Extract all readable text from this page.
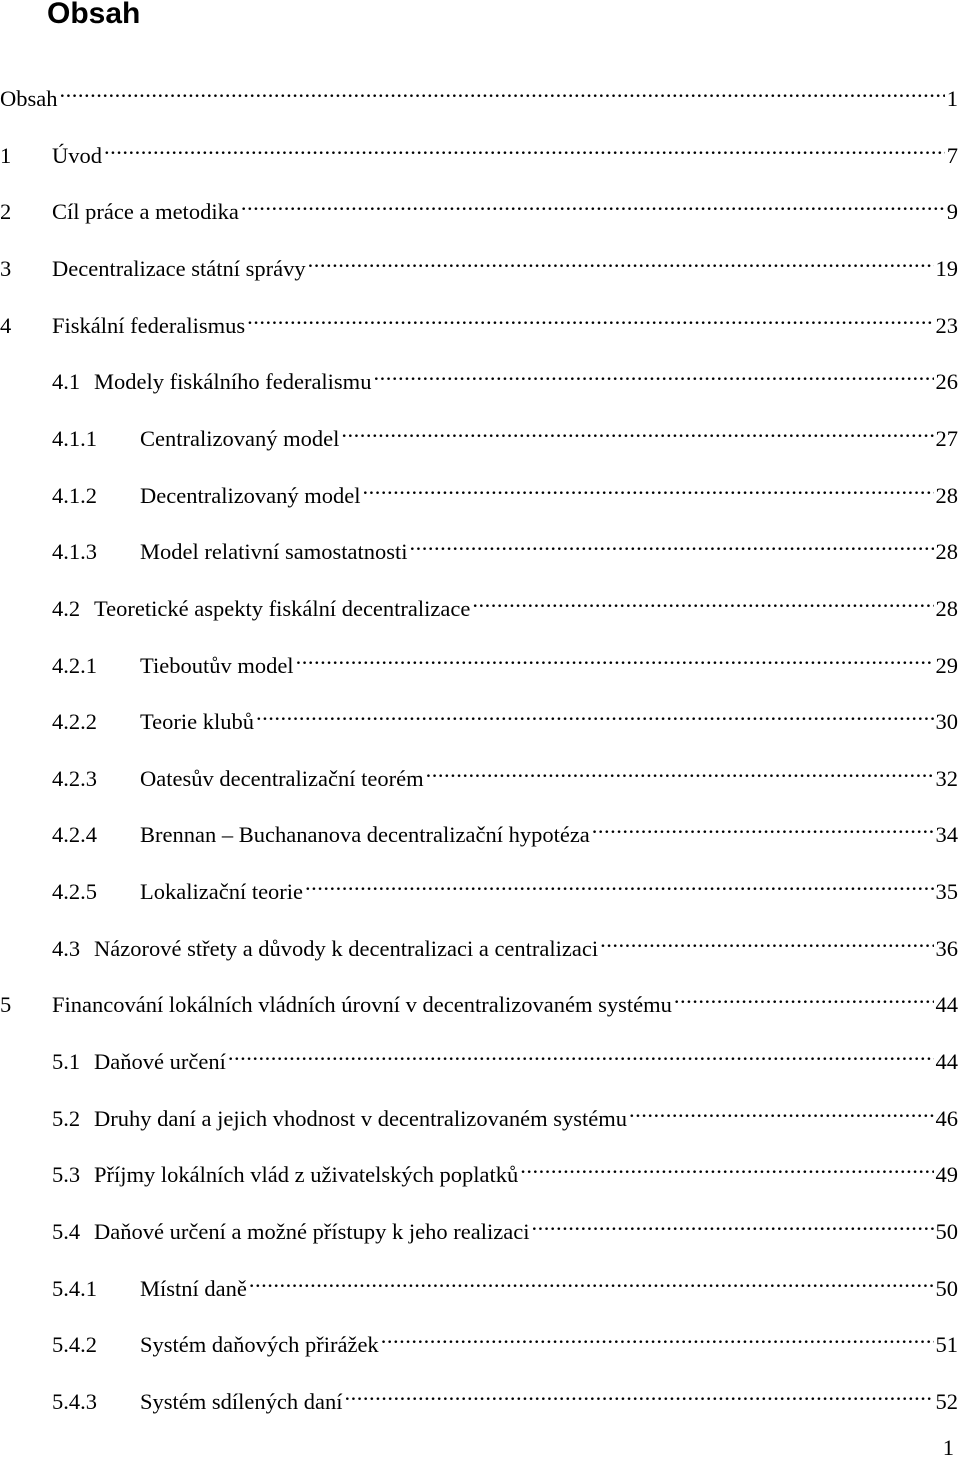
Obsah
Obsah .....	1
1	Úvod .....	7
2	Cíl práce a metodika .....	9
3	Decentralizace státní správy .....	19
4	Fiskální federalismus .....	23
4.1 Modely fiskálního federalismu .....	26
4.1.1	Centralizovaný model .....	27
4.1.2	Decentralizovaný model .....	28
4.1.3	Model relativní samostatnosti .....	28
4.2 Teoretické aspekty fiskální decentralizace .....	28
4.2.1	Tieboutův model .....	29
4.2.2	Teorie klubů .....	30
4.2.3	Oatesův decentralizační teorém .....	32
4.2.4	Brennan – Buchananova decentralizační hypotéza .....	34
4.2.5	Lokalizační teorie .....	35
4.3 Názorové střety a důvody k decentralizaci a centralizaci .....	36
5	Financování lokálních vládních úrovní v decentralizovaném systému .....	44
5.1 Daňové určení .....	44
5.2 Druhy daní a jejich vhodnost v decentralizovaném systému .....	46
5.3 Příjmy lokálních vlád z uživatelských poplatků .....	49
5.4 Daňové určení a možné přístupy k jeho realizaci .....	50
5.4.1	Místní daně .....	50
5.4.2	Systém daňových přirážek .....	51
5.4.3	Systém sdílených daní .....	52
1
